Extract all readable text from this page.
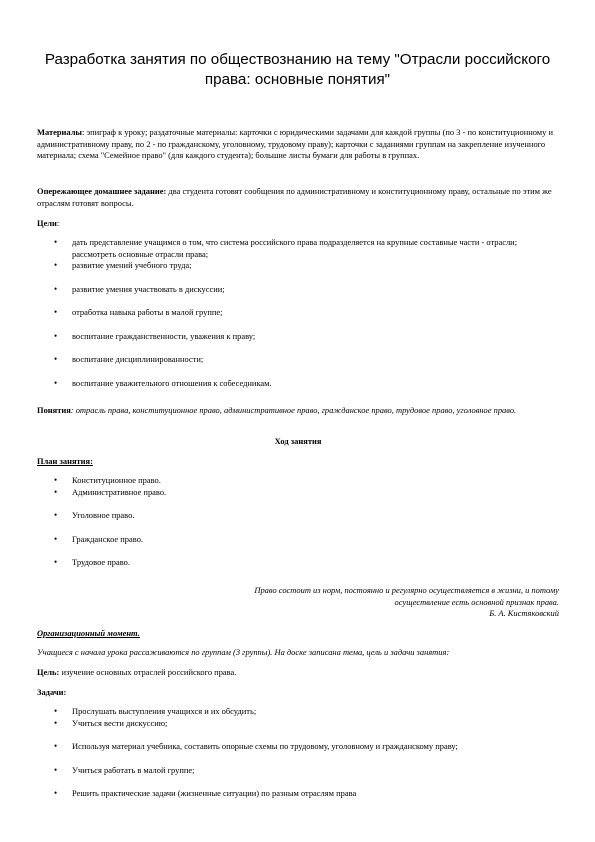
Разработка занятия по обществознанию на тему "Отрасли российского
права: основные понятия"

Материалы: эпиграф к уроку; раздаточные материалы: карточки с юридическими задачами для каждой группы (по 3 - по конституционному и административному праву, по 2 - по гражданскому, уголовному, трудовому праву); карточки с заданиями группам на закрепление изученного материала; схема "Семейное право" (для каждого студента); большие листы бумаги для работы в группах.

Опережающее домашнее задание: два студента готовят сообщения по административному и конституционному праву, остальные по этим же отраслям готовят вопросы.

Цели:

• дать представление учащимся о том, что система российского права подразделяется на крупные составные части - отрасли; рассмотреть основные отрасли права;
• развитие умений учебного труда;
• развитие умения участвовать в дискуссии;
• отработка навыка работы в малой группе;
• воспитание гражданственности, уважения к праву;
• воспитание дисциплинированности;
• воспитание уважительного отношения к собеседникам.

Понятия: отрасль права, конституционное право, административное право, гражданское право, трудовое право, уголовное право.

Ход занятия
План занятия:
• Конституционное право.
• Административное право.
• Уголовное право.
• Гражданское право.
• Трудовое право.
Право состоит из норм, постоянно и регулярно осуществляется в жизни, и потому
осуществление есть основной признак права.
Б. А. Кистяковский
Организационный момент.
Учащиеся с начала урока рассаживаются по группам (3 группы). На доске записана тема, цель и задачи занятия:

Цель: изучение основных отраслей российского права.

Задачи:
• Прослушать выступления учащихся и их обсудить;
• Учиться вести дискуссию;
• Используя материал учебника, составить опорные схемы по трудовому, уголовному и гражданскому праву;
• Учиться работать в малой группе;
• Решить практические задачи (жизненные ситуации) по разным отраслям права
